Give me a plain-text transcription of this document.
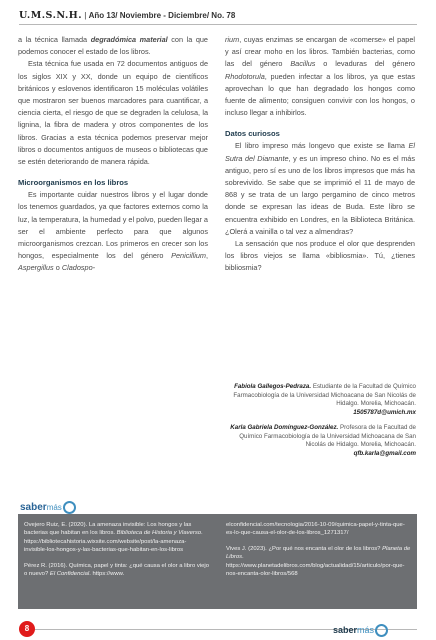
U.M.S.N.H. | Año 13/ Noviembre - Diciembre/ No. 78

a la técnica llamada degradómica material con la que podemos conocer el estado de los libros.

Esta técnica fue usada en 72 documentos antiguos de los siglos XIX y XX, donde un equipo de científicos británicos y eslovenos identificaron 15 moléculas volátiles que mostraron ser buenos marcadores para cuantificar, a ciencia cierta, el riesgo de que se degraden la celulosa, la lignina, la fibra de madera y otros componentes de los libros. Gracias a esta técnica podemos preservar mejor libros o documentos antiguos de museos o bibliotecas que se estén deteriorando de manera rápida.

Microorganismos en los libros

Es importante cuidar nuestros libros y el lugar donde los tenemos guardados, ya que factores externos como la luz, la temperatura, la humedad y el polvo, pueden llegar a ser el ambiente perfecto para que algunos microorganismos crezcan. Los primeros en crecer son los hongos, especialmente los del género Penicillium, Aspergillus o Cladospo-

rium, cuyas enzimas se encargan de «comerse» el papel y así crear moho en los libros. También bacterias, como las del género Bacillus o levaduras del género Rhodotorula, pueden infectar a los libros, ya que estas aprovechan lo que han degradado los hongos como fuente de alimento; consiguen convivir con los hongos, o incluso llegar a inhibirlos.

Datos curiosos

El libro impreso más longevo que existe se llama El Sutra del Diamante, y es un impreso chino. No es el más antiguo, pero sí es uno de los libros impresos que más ha sobrevivido. Se sabe que se imprimió el 11 de mayo de 868 y se trata de un largo pergamino de cinco metros donde se expresan las ideas de Buda. Este libro se encuentra exhibido en Londres, en la Biblioteca Británica. ¿Olerá a vainilla o tal vez a almendras?

La sensación que nos produce el olor que desprenden los libros viejos se llama «bibliosmia». Tú, ¿tienes bibliosmia?

Fabiola Gallegos-Pedraza. Estudiante de la Facultad de Químico Farmacobiología de la Universidad Michoacana de San Nicolás de Hidalgo. Morelia, Michoacán.
1505787d@umich.mx
Karla Gabriela Domínguez-González. Profesora de la Facultad de Químico Farmacobiología de la Universidad Michoacana de San Nicolás de Hidalgo. Morelia, Michoacán.
qfb.karla@gmail.com
sabermás

Ovejero Ruiz, E. (2020). La amenaza invisible: Los hongos y las bacterias que habitan en los libros. Biblioteca de Historia y Viaverso. https://bibliotecahistoria.wixsite.com/website/post/la-amenaza-invisible-los-hongos-y-las-bacterias-que-habitan-en-los-libros

Pérez R. (2016). Química, papel y tinta: ¿qué causa el olor a libro viejo o nuevo? El Confidencial. https://www.

elconfidencial.com/tecnologia/2016-10-09/quimica-papel-y-tinta-que-es-lo-que-causa-el-olor-de-los-libros_1271317/

Vives J. (2023). ¿Por qué nos encanta el olor de los libros? Planeta de Libros. https://www.planetadelibros.com/blog/actualidad/15/articulo/por-que-nos-encanta-olor-libros/568

8	sabermás
